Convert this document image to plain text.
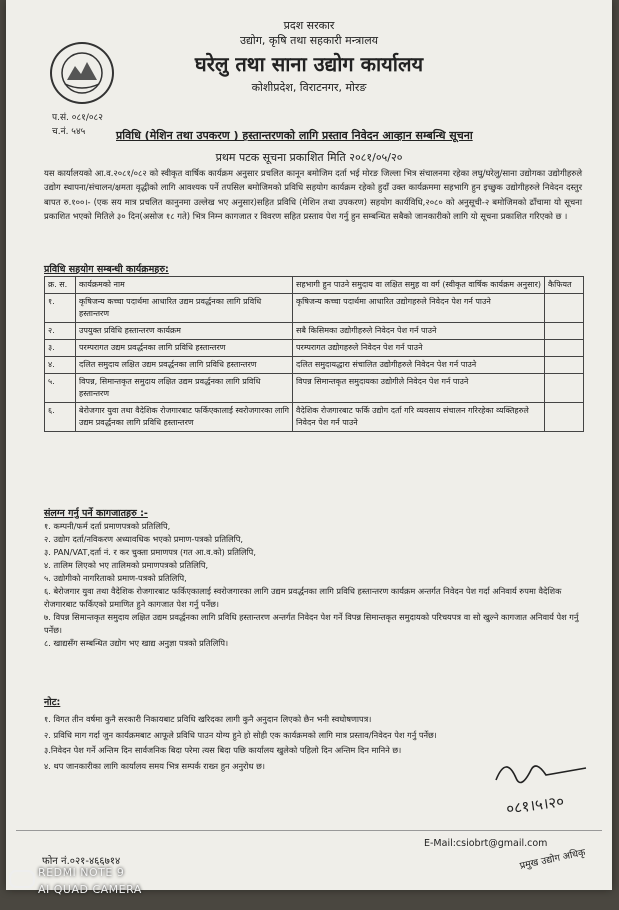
प्रदश सरकार
उद्योग, कृषि तथा सहकारी मन्त्रालय
घरेलु तथा साना उद्योग कार्यालय
कोशीप्रदेश, विराटनगर, मोरङ
प.सं. ०८१/०८२
च.नं. ५४५	प्रविधि (मेशिन तथा उपकरण ) हस्तान्तरणको लागि प्रस्ताव निवेदन आव्हान सम्बन्धि सूचना
प्रथम पटक सूचना प्रकाशित मिति २०८१/०५/२०
यस कार्यालयको आ.व.२०८१/०८२ को स्वीकृत वार्षिक कार्यक्रम अनुसार प्रचलित कानून बमोजिम दर्ता भई मोरङ जिल्ला भित्र संचालनमा रहेका लघु/घरेलु/साना उद्योगका उद्योगीहरुले उद्योग स्थापना/संचालन/क्षमता वृद्धीको लागि आवश्यक पर्ने तपसिल बमोजिमको प्रविधि सहयोग कार्यक्रम रहेको हुदाँ उक्त कार्यक्रममा सहभागि हुन इच्छुक उद्योगीहरुले निवेदन दस्तुर बापत रु.१००।- (एक सय मात्र प्रचलित कानुनमा उल्लेख भए अनुसार)सहित प्रविधि (मेशिन तथा उपकरण) सहयोग कार्यविधि,२०८० को अनुसूची-२ बमोजिमको ढाँचामा यो सूचना प्रकाशित भएको मितिले ३० दिन(असोज १८ गते) भित्र निम्न कागजात र विवरण सहित प्रस्ताव पेश गर्नु हुन सम्बन्धित सबैको जानकारीको लागि यो सूचना प्रकाशित गरिएको छ ।
प्रविधि सहयोग सम्बन्धी कार्यक्रमहरु:
क्र. स.	कार्यक्रमको नाम	सहभागी हुन पाउने समुदाय वा लक्षित समुह वा वर्ग (स्वीकृत वार्षिक कार्यक्रम अनुसार)	कैफियत
१.	कृषिजन्य कच्चा पदार्थमा आधारित उद्यम प्रवर्द्धनका लागि प्रविधि हस्तान्तरण	कृषिजन्य कच्चा पदार्थमा आधारित उद्योगहरुले निवेदन पेश गर्न पाउने	
२.	उपयुक्त प्रविधि हस्तान्तरण कार्यक्रम	सबै किसिमका उद्योगीहरुले निवेदन पेश गर्न पाउने	
३.	परम्परागत उद्यम प्रवर्द्धनका लागि प्रविधि हस्तान्तरण	परम्परागत उद्योगहरुले निवेदन पेश गर्न पाउने	
४.	दलित समुदाय लक्षित उद्यम प्रवर्द्धनका लागि प्रविधि हस्तान्तरण	दलित समुदायद्धारा संचालित उद्योगीहरुले निवेदन पेश गर्न पाउने	
५.	विपन्न, सिमान्तकृत समुदाय लक्षित उद्यम प्रवर्द्धनका लागि प्रविधि हस्तान्तरण	विपन्न सिमान्तकृत समुदायका उद्योगीले निवेदन पेश गर्न पाउने	
६.	बेरोजगार युवा तथा वैदेशिक रोजगारबाट फर्किएकालाई स्वरोजगारका लागि उद्यम प्रवर्द्धनका लागि प्रविधि हस्तान्तरण	वैदेशिक रोजगारबाट फर्कि उद्योग दर्ता गरि व्यवसाय संचालन गरिरहेका व्यक्तिहरुले निवेदन पेश गर्न पाउने	
संलग्न गर्नु पर्ने कागजातहरु :-
१. कम्पनी/फर्म दर्ता प्रमाणपत्रको प्रतिलिपि,
२. उद्योग दर्ता/नविकरण अध्यावधिक भएको प्रमाण-पत्रको प्रतिलिपि,
३. PAN/VAT,दर्ता नं. र कर चुक्ता प्रमाणपत्र (गत आ.व.को) प्रतिलिपि,
४. तालिम लिएको भए तालिमको प्रमाणपत्रको प्रतिलिपि,
५. उद्योगीको नागरिताको प्रमाण-पत्रको प्रतिलिपि,
६. बेरोजगार युवा तथा वैदेशिक रोजगारबाट फर्किएकालाई स्वरोजगारका लागि उद्यम प्रवर्द्धनका लागि प्रविधि हस्तान्तरण कार्यक्रम अन्तर्गत निवेदन पेश गर्दा अनिवार्य रुपमा वैदेशिक रोजगारबाट फर्किएको प्रमाणित हुने कागजात पेश गर्नु पर्नेछ।
७. विपन्न सिमान्तकृत समुदाय लक्षित उद्यम प्रवर्द्धनका लागि प्रविधि हस्तान्तरण अन्तर्गत निवेदन पेश गर्ने विपन्न सिमान्तकृत समुदायको परिचयपत्र वा सो खुल्ने कागजात अनिवार्य पेश गर्नु पर्नेछ।
८. खाद्यसँग सम्बन्धित उद्योग भए खाद्य अनुज्ञा पत्रको प्रतिलिपि।
नोट:
१. विगत तीन वर्षमा कुनै सरकारी निकायबाट प्रविधि खरिदका लागी कुनै अनुदान लिएको छैन भनी स्वघोषणापत्र।
२. प्रविधि माग गर्दा जुन कार्यक्रमबाट आफूले प्रविधि पाउन योग्य हुने हो सोही एक कार्यक्रमको लागि मात्र प्रस्ताव/निवेदन पेश गर्नु पर्नेछ।
३.निवेदन पेश गर्ने अन्तिम दिन सार्वजनिक बिदा परेमा त्यस बिदा पछि कार्यालय खुलेको पहिलो दिन अन्तिम दिन मानिने छ।
४. थप जानकारीका लागि कार्यालय समय भित्र सम्पर्क राख्न हुन अनुरोध छ।
०८१।५।२०
फोन नं.०२१-४६६७१४
E-Mail:csiobrt@gmail.com
प्रमुख उद्योग अधिकृ
REDMI NOTE 9
AI QUAD CAMERA
